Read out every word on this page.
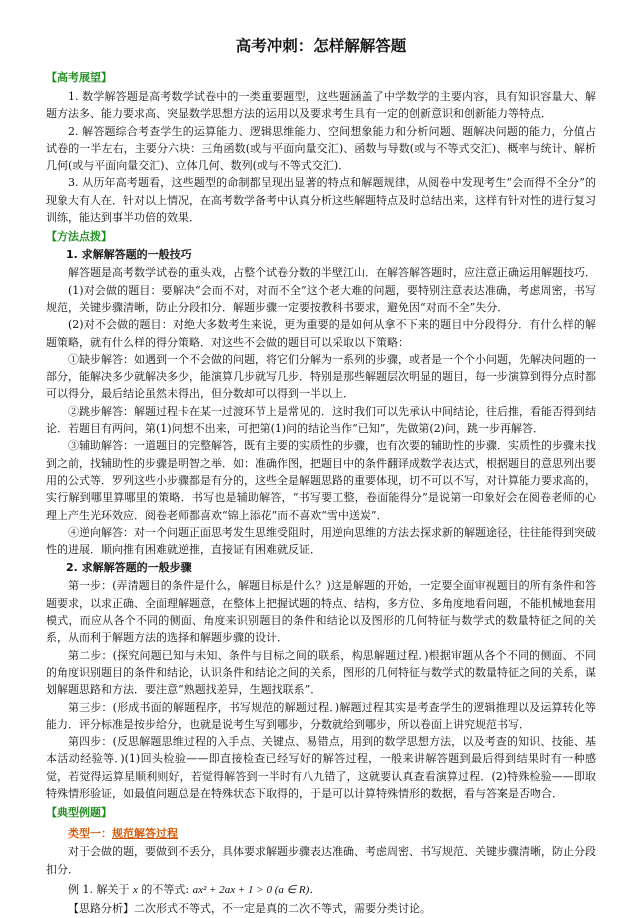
高考冲刺：怎样解解答题
【高考展望】

1. 数学解答题是高考数学试卷中的一类重要题型，这些题涵盖了中学数学的主要内容，具有知识容量大、解题方法多、能力要求高、突显数学思想方法的运用以及要求考生具有一定的创新意识和创新能力等特点．

2. 解答题综合考查学生的运算能力、逻辑思维能力、空间想象能力和分析问题、题解决问题的能力，分值占试卷的一半左右，主要分六块：三角函数(或与平面向量交汇)、函数与导数(或与不等式交汇)、概率与统计、解析几何(或与平面向量交汇)、立体几何、数列(或与不等式交汇)．

3. 从历年高考题看，这些题型的命制都呈现出显著的特点和解题规律，从阅卷中发现考生“会而得不全分”的现象大有人在．针对以上情况，在高考数学备考中认真分析这些解题特点及时总结出来，这样有针对性的进行复习训练，能达到事半功倍的效果．

【方法点拨】
1. 求解解答题的一般技巧

解答题是高考数学试卷的重头戏，占整个试卷分数的半壁江山．在解答解答题时，应注意正确运用解题技巧．

(1)对会做的题目：要解决“会而不对，对而不全”这个老大难的问题，要特别注意表达准确，考虑周密，书写规范，关键步骤清晰，防止分段扣分．解题步骤一定要按教科书要求，避免因“对而不全”失分．

(2)对不会做的题目：对绝大多数考生来说，更为重要的是如何从拿不下来的题目中分段得分．有什么样的解题策略，就有什么样的得分策略．对这些不会做的题目可以采取以下策略：

①缺步解答：如遇到一个不会做的问题，将它们分解为一系列的步骤，或者是一个个小问题，先解决问题的一部分，能解决多少就解决多少，能演算几步就写几步．特别是那些解题层次明显的题目，每一步演算到得分点时都可以得分，最后结论虽然未得出，但分数却可以得到一半以上．

②跳步解答：解题过程卡在某一过渡环节上是常见的．这时我们可以先承认中间结论，往后推，看能否得到结论．若题目有两问，第(1)问想不出来，可把第(1)问的结论当作“已知”，先做第(2)问，跳一步再解答．

③辅助解答：一道题目的完整解答，既有主要的实质性的步骤，也有次要的辅助性的步骤．实质性的步骤未找到之前，找辅助性的步骤是明智之举．如：准确作图，把题目中的条件翻译成数学表达式，根据题目的意思列出要用的公式等．罗列这些小步骤都是有分的，这些全是解题思路的重要体现，切不可以不写，对计算能力要求高的，实行解到哪里算哪里的策略．书写也是辅助解答，“书写要工整，卷面能得分”是说第一印象好会在阅卷老师的心理上产生光环效应．阅卷老师都喜欢“锦上添花”而不喜欢“雪中送炭”．

④逆向解答：对一个问题正面思考发生思维受阻时，用逆向思维的方法去探求新的解题途径，往往能得到突破性的进展．顺向推有困难就逆推，直接证有困难就反证．

2. 求解解答题的一般步骤

第一步：(弄清题目的条件是什么，解题目标是什么？)这是解题的开始，一定要全面审视题目的所有条件和答题要求，以求正确、全面理解题意，在整体上把握试题的特点、结构，多方位、多角度地看问题，不能机械地套用模式，而应从各个不同的侧面、角度来识别题目的条件和结论以及图形的几何特征与数学式的数量特征之间的关系，从而利于解题方法的选择和解题步骤的设计．

第二步：(探究问题已知与未知、条件与目标之间的联系，构思解题过程．)根据审题从各个不同的侧面、不同的角度识别题目的条件和结论，认识条件和结论之间的关系，图形的几何特征与数学式的数量特征之间的关系，谋划解题思路和方法．要注意“熟题找差异，生题找联系”．

第三步：(形成书面的解题程序，书写规范的解题过程．)解题过程其实是考查学生的逻辑推理以及运算转化等能力．评分标准是按步给分，也就是说考生写到哪步，分数就给到哪步，所以卷面上讲究规范书写．

第四步：(反思解题思维过程的入手点、关键点、易错点，用到的数学思想方法，以及考查的知识、技能、基本活动经验等．)(1)回头检验——即直接检查已经写好的解答过程，一般来讲解答题到最后得到结果时有一种感觉，若觉得运算星顺利则好，若觉得解答到一半时有八九错了，这就要认真查看演算过程．(2)特殊检验——即取特殊情形验证，如最值问题总是在特殊状态下取得的，于是可以计算特殊情形的数据，看与答案是否吻合．

【典型例题】
类型一：规范解答过程

对于会做的题，要做到不丢分，具体要求解题步骤表达准确、考虑周密、书写规范、关键步骤清晰，防止分段扣分．

例 1. 解关于 x 的不等式: ax² + 2ax + 1 > 0 (a ∈ R)．
【思路分析】二次形式不等式，不一定是真的二次不等式，需要分类讨论。
